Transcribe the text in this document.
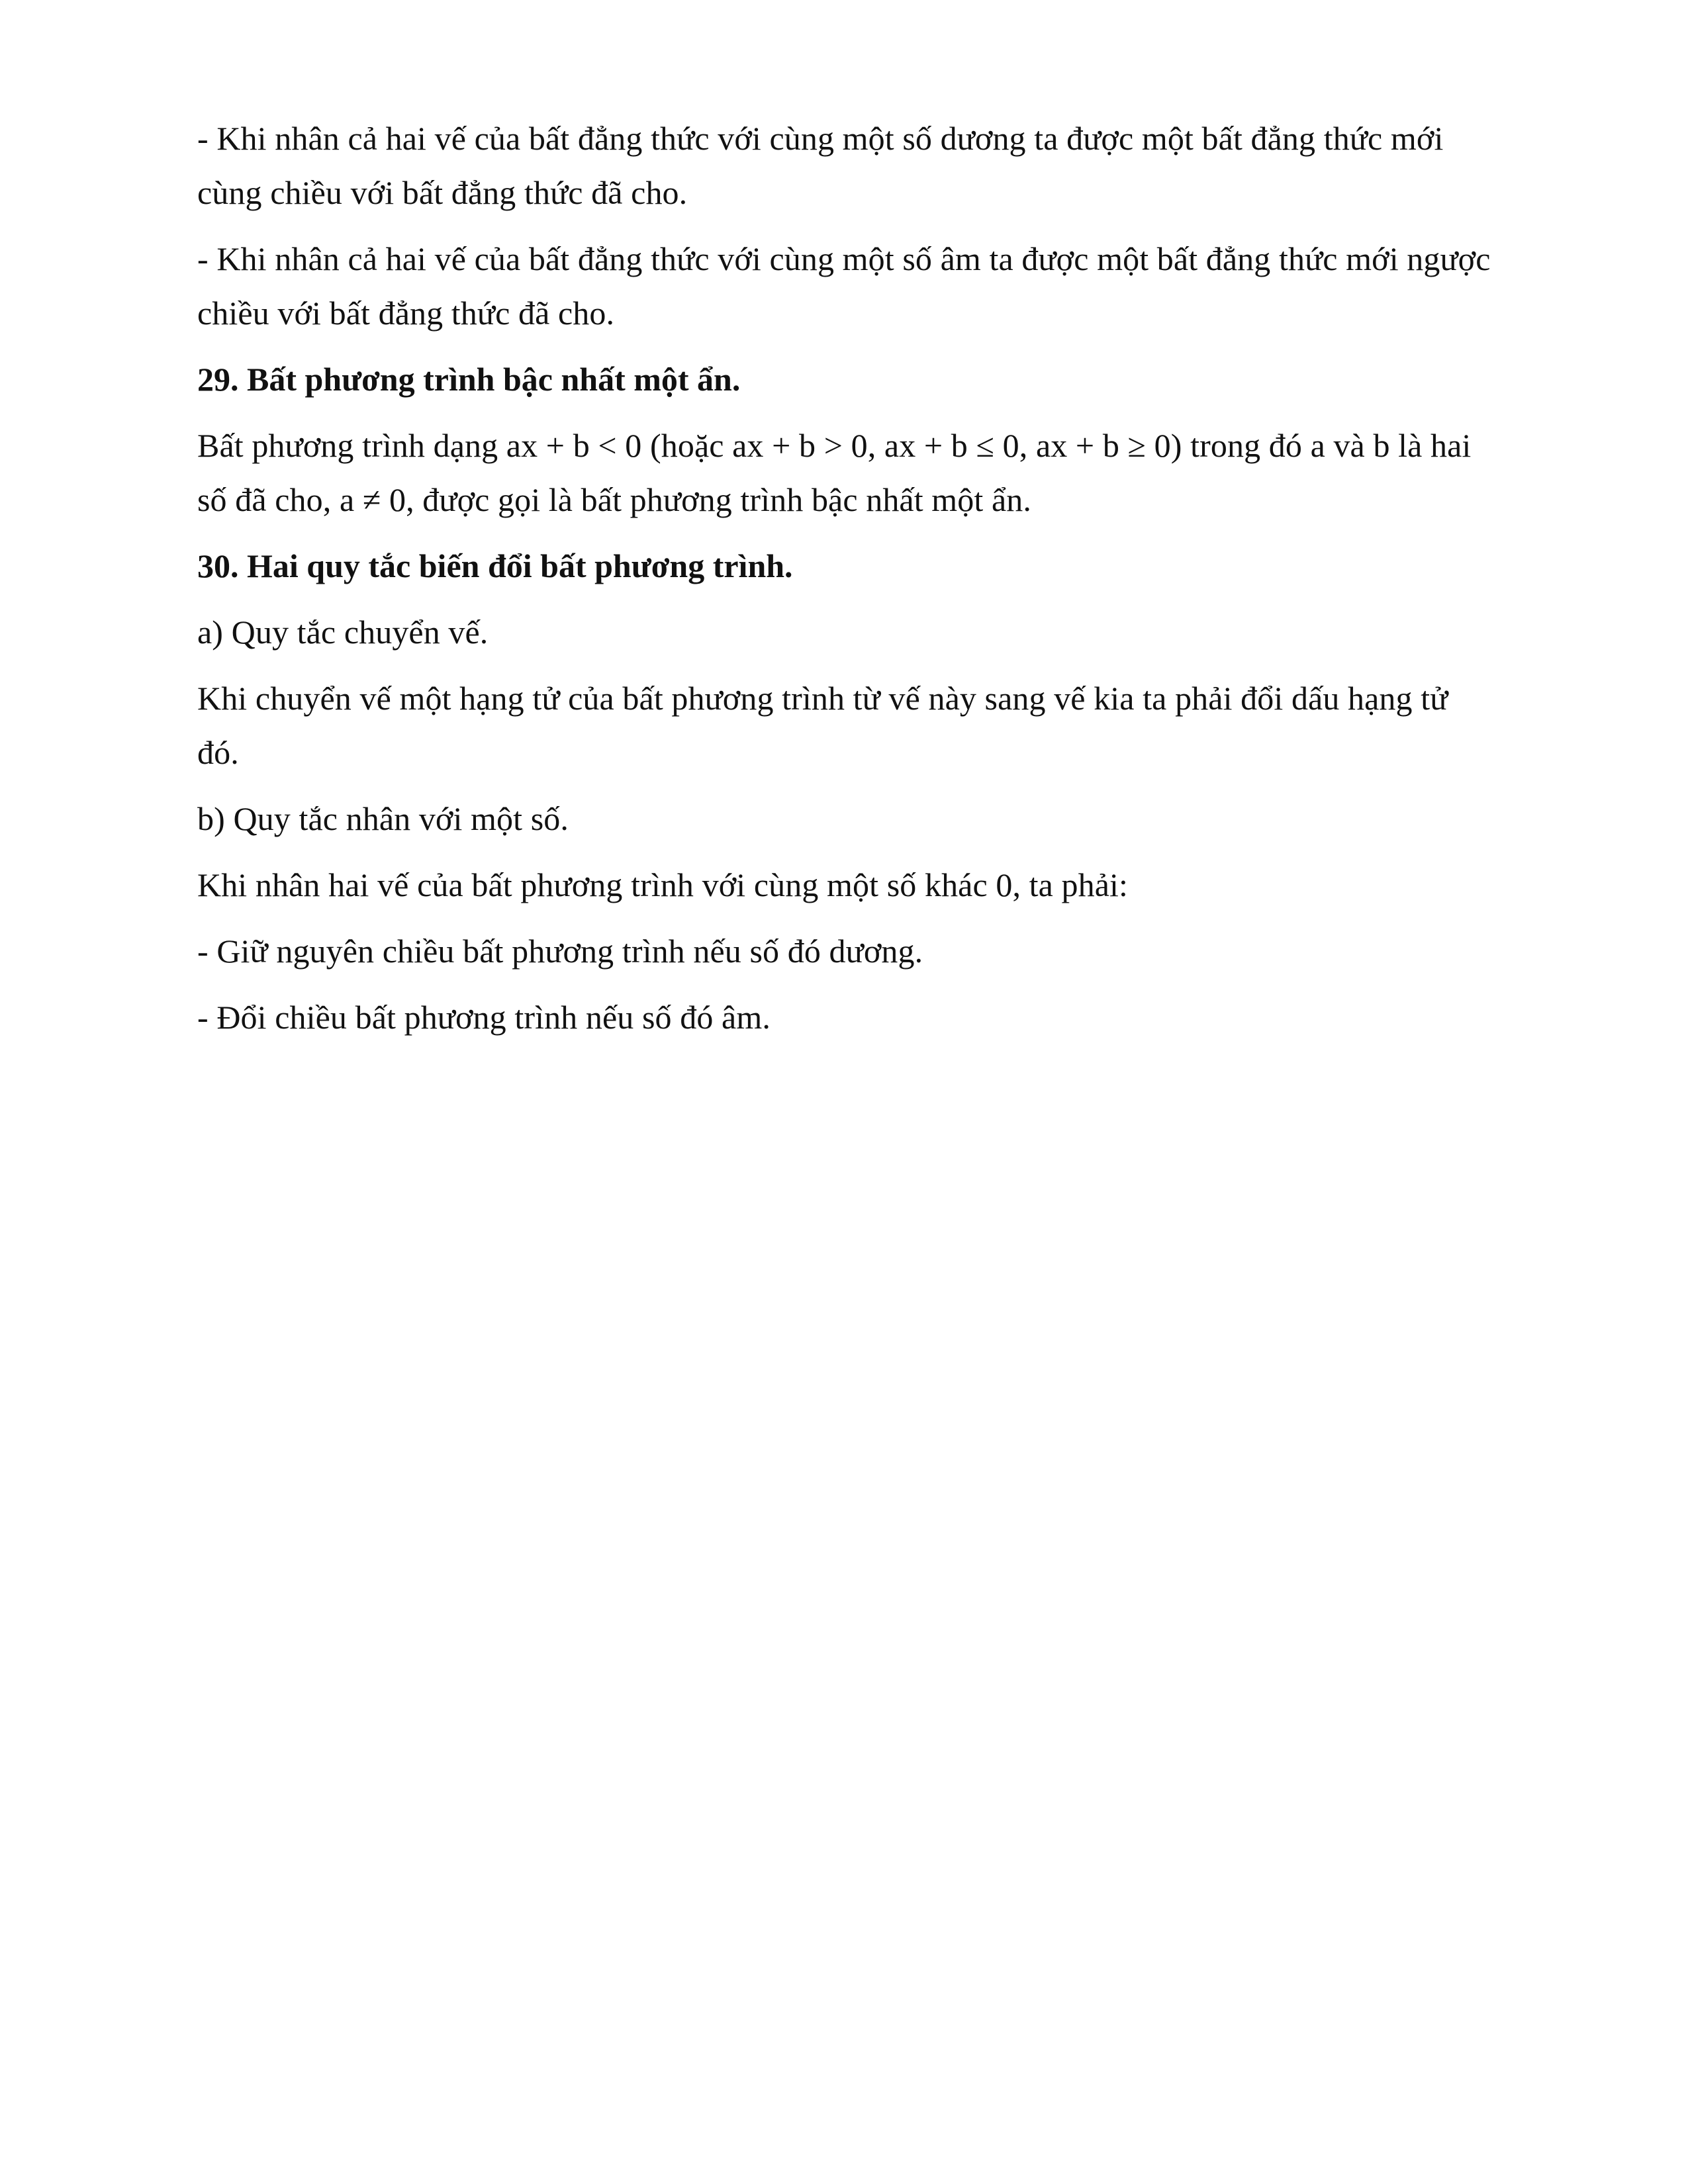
- Khi nhân cả hai vế của bất đẳng thức với cùng một số dương ta được một bất đẳng thức mới cùng chiều với bất đẳng thức đã cho.

- Khi nhân cả hai vế của bất đẳng thức với cùng một số âm ta được một bất đẳng thức mới ngược chiều với bất đẳng thức đã cho.

29. Bất phương trình bậc nhất một ẩn.

Bất phương trình dạng ax + b < 0 (hoặc ax + b > 0, ax + b ≤ 0, ax + b ≥ 0) trong đó a và b là hai số đã cho, a ≠ 0, được gọi là bất phương trình bậc nhất một ẩn.

30. Hai quy tắc biến đổi bất phương trình.

a) Quy tắc chuyển vế.

Khi chuyển vế một hạng tử của bất phương trình từ vế này sang vế kia ta phải đổi dấu hạng tử đó.

b) Quy tắc nhân với một số.

Khi nhân hai vế của bất phương trình với cùng một số khác 0, ta phải:

- Giữ nguyên chiều bất phương trình nếu số đó dương.

- Đổi chiều bất phương trình nếu số đó âm.
